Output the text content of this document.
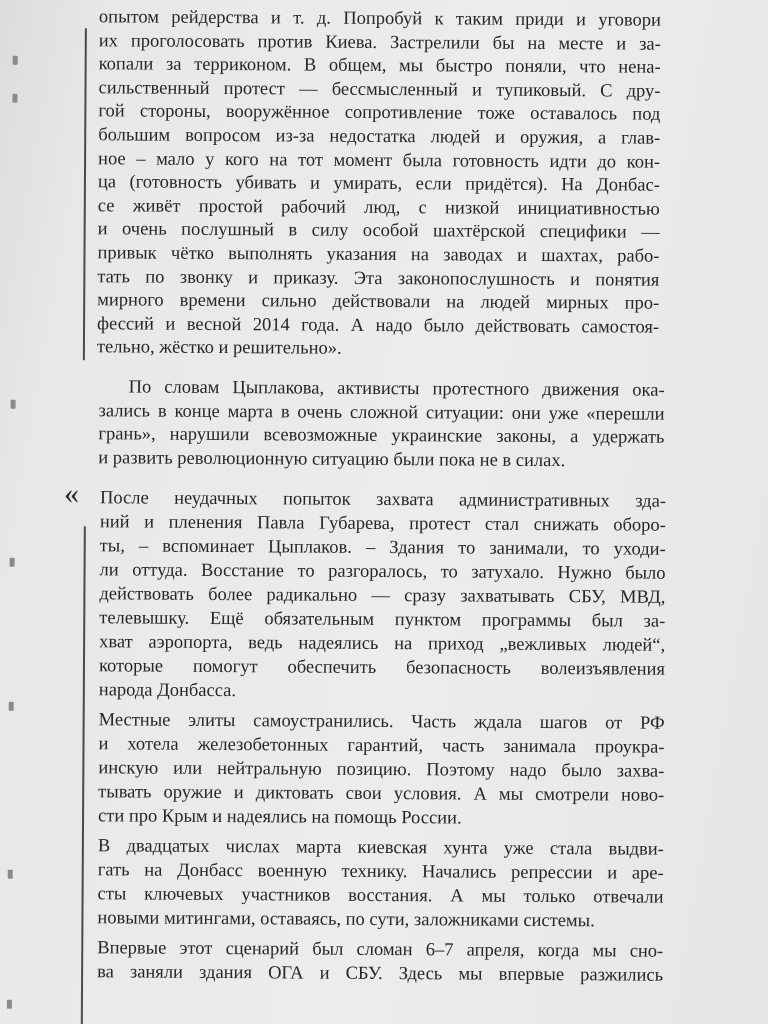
опытом рейдерства и т. д. Попробуй к таким приди и уговори
их проголосовать против Киева. Застрелили бы на месте и за-
копали за терриконом. В общем, мы быстро поняли, что нена-
сильственный протест — бессмысленный и тупиковый. С дру-
гой стороны, вооружённое сопротивление тоже оставалось под
большим вопросом из-за недостатка людей и оружия, а глав-
ное – мало у кого на тот момент была готовность идти до кон-
ца (готовность убивать и умирать, если придётся). На Донбас-
се живёт простой рабочий люд, с низкой инициативностью
и очень послушный в силу особой шахтёрской специфики —
привык чётко выполнять указания на заводах и шахтах, рабо-
тать по звонку и приказу. Эта законопослушность и понятия
мирного времени сильно действовали на людей мирных про-
фессий и весной 2014 года. А надо было действовать самостоя-
тельно, жёстко и решительно».
По словам Цыплакова, активисты протестного движения ока-
зались в конце марта в очень сложной ситуации: они уже «перешли
грань», нарушили всевозможные украинские законы, а удержать
и развить революционную ситуацию были пока не в силах.
« После неудачных попыток захвата административных зда-
ний и пленения Павла Губарева, протест стал снижать оборо-
ты, – вспоминает Цыплаков. – Здания то занимали, то уходи-
ли оттуда. Восстание то разгоралось, то затухало. Нужно было
действовать более радикально — сразу захватывать СБУ, МВД,
телевышку. Ещё обязательным пунктом программы был за-
хват аэропорта, ведь надеялись на приход „вежливых людей“,
которые помогут обеспечить безопасность волеизъявления
народа Донбасса.
Местные элиты самоустранились. Часть ждала шагов от РФ
и хотела железобетонных гарантий, часть занимала проукра-
инскую или нейтральную позицию. Поэтому надо было захва-
тывать оружие и диктовать свои условия. А мы смотрели ново-
сти про Крым и надеялись на помощь России.
В двадцатых числах марта киевская хунта уже стала выдви-
гать на Донбасс военную технику. Начались репрессии и аре-
сты ключевых участников восстания. А мы только отвечали
новыми митингами, оставаясь, по сути, заложниками системы.
Впервые этот сценарий был сломан 6–7 апреля, когда мы сно-
ва заняли здания ОГА и СБУ. Здесь мы впервые разжились
